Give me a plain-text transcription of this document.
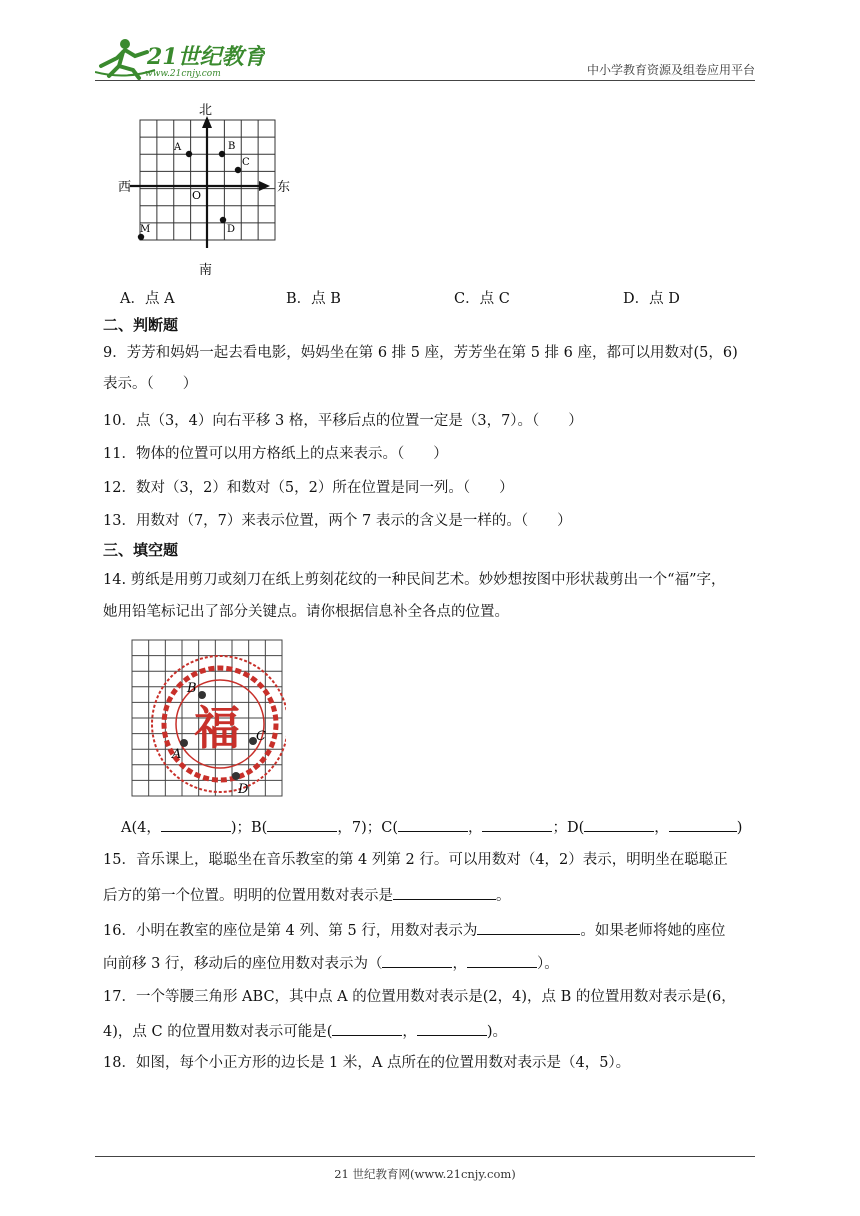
21世纪教育
www.21cnjy.com	中小学教育资源及组卷应用平台
北
南
西	东
O
A	B
C
D
M
A．点 A	B．点 B	C．点 C	D．点 D
二、判断题
9．芳芳和妈妈一起去看电影，妈妈坐在第 6 排 5 座，芳芳坐在第 5 排 6 座，都可以用数对(5，6)
表示。（　　）
10．点（3，4）向右平移 3 格，平移后点的位置一定是（3，7）。（　　）
11．物体的位置可以用方格纸上的点来表示。（　　）
12．数对（3，2）和数对（5，2）所在位置是同一列。（　　）
13．用数对（7，7）来表示位置，两个 7 表示的含义是一样的。（　　）
三、填空题
14. 剪纸是用剪刀或刻刀在纸上剪刻花纹的一种民间艺术。妙妙想按图中形状裁剪出一个“福”字，
她用铅笔标记出了部分关键点。请你根据信息补全各点的位置。
福
B
A
C
D
A(4，	)；B(	，7)；C(	，	；D(	，	)
15．音乐课上，聪聪坐在音乐教室的第 4 列第 2 行。可以用数对（4，2）表示，明明坐在聪聪正
后方的第一个位置。明明的位置用数对表示是	。
16．小明在教室的座位是第 4 列、第 5 行，用数对表示为	。如果老师将她的座位
向前移 3 行，移动后的座位用数对表示为（	，	）。
17．一个等腰三角形 ABC，其中点 A 的位置用数对表示是(2，4)，点 B 的位置用数对表示是(6，
4)，点 C 的位置用数对表示可能是(	，	)。
18．如图，每个小正方形的边长是 1 米，A 点所在的位置用数对表示是（4，5）。
21 世纪教育网(www.21cnjy.com)
